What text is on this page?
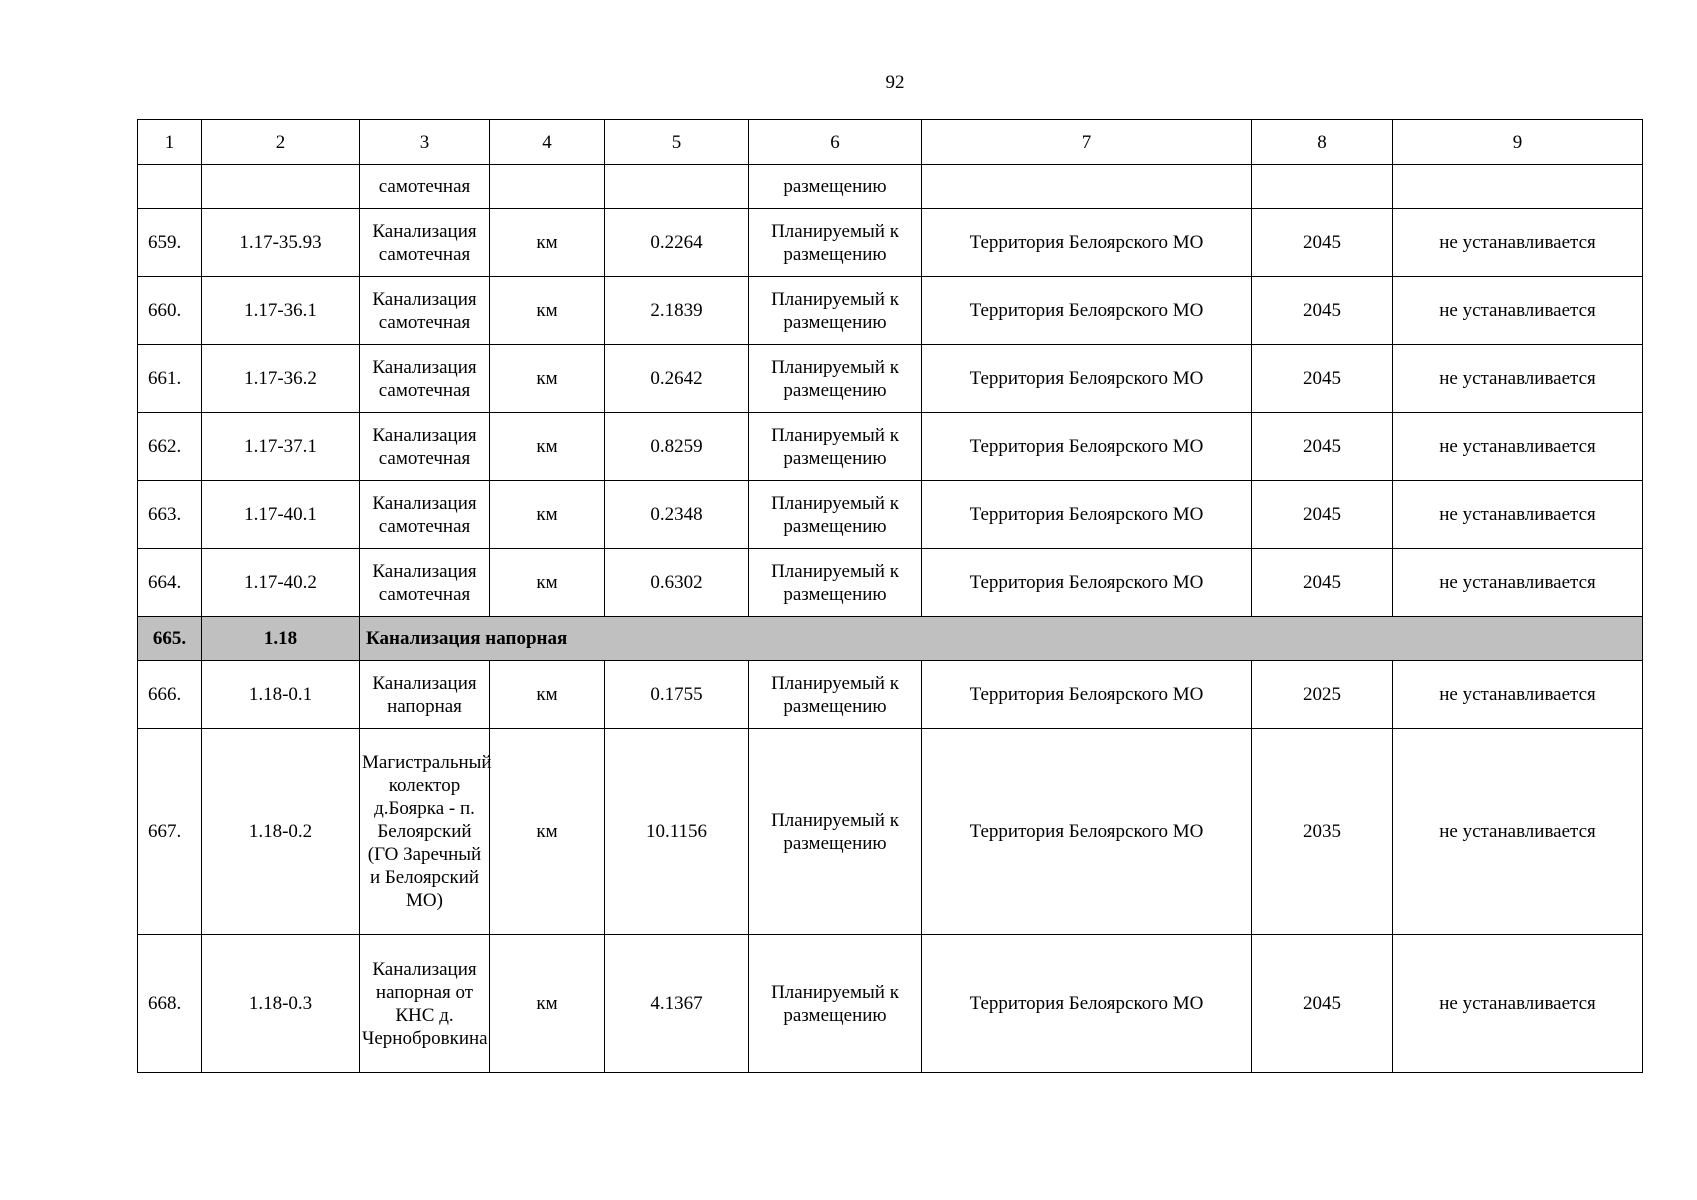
92
1	2	3	4	5	6	7	8	9
		самотечная			размещению			
659.	1.17-35.93	Канализация самотечная	км	0.2264	Планируемый к размещению	Территория Белоярского МО	2045	не устанавливается
660.	1.17-36.1	Канализация самотечная	км	2.1839	Планируемый к размещению	Территория Белоярского МО	2045	не устанавливается
661.	1.17-36.2	Канализация самотечная	км	0.2642	Планируемый к размещению	Территория Белоярского МО	2045	не устанавливается
662.	1.17-37.1	Канализация самотечная	км	0.8259	Планируемый к размещению	Территория Белоярского МО	2045	не устанавливается
663.	1.17-40.1	Канализация самотечная	км	0.2348	Планируемый к размещению	Территория Белоярского МО	2045	не устанавливается
664.	1.17-40.2	Канализация самотечная	км	0.6302	Планируемый к размещению	Территория Белоярского МО	2045	не устанавливается
665.	1.18	Канализация напорная						
666.	1.18-0.1	Канализация напорная	км	0.1755	Планируемый к размещению	Территория Белоярского МО	2025	не устанавливается
667.	1.18-0.2	Магистральный колектор д.Боярка - п. Белоярский (ГО Заречный и Белоярский МО)	км	10.1156	Планируемый к размещению	Территория Белоярского МО	2035	не устанавливается
668.	1.18-0.3	Канализация напорная от КНС д. Чернобровкина	км	4.1367	Планируемый к размещению	Территория Белоярского МО	2045	не устанавливается
